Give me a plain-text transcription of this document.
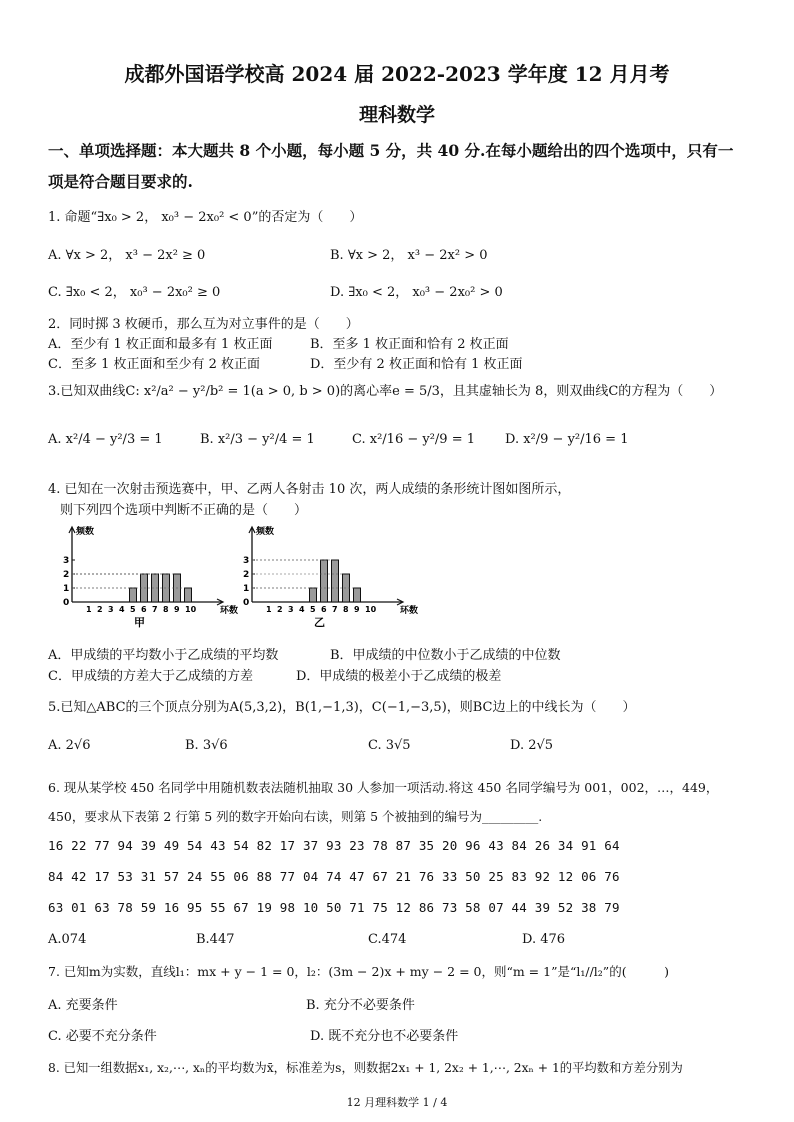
成都外国语学校高 2024 届 2022-2023 学年度 12 月月考
理科数学
一、单项选择题：本大题共 8 个小题，每小题 5 分，共 40 分.在每小题给出的四个选项中，只有一
项是符合题目要求的.
1. 命题“∃x₀ > 2， x₀³ − 2x₀² < 0”的否定为（　　）
A. ∀x > 2， x³ − 2x² ≥ 0	B. ∀x > 2， x³ − 2x² > 0
C. ∃x₀ < 2， x₀³ − 2x₀² ≥ 0	D. ∃x₀ < 2， x₀³ − 2x₀² > 0
2．同时掷 3 枚硬币，那么互为对立事件的是（　　）
A．至少有 1 枚正面和最多有 1 枚正面	B．至多 1 枚正面和恰有 2 枚正面
C．至多 1 枚正面和至少有 2 枚正面	D．至少有 2 枚正面和恰有 1 枚正面
3.已知双曲线C: x²/a² − y²/b² = 1(a > 0, b > 0)的离心率e = 5/3，且其虚轴长为 8，则双曲线C的方程为（　　）
A. x²/4 − y²/3 = 1	B. x²/3 − y²/4 = 1	C. x²/16 − y²/9 = 1 D. x²/9 − y²/16 = 1
4. 已知在一次射击预选赛中，甲、乙两人各射击 10 次，两人成绩的条形统计图如图所示，
则下列四个选项中判断不正确的是（　　）
频数
0
1
2
3
1 2 3 4 5 6 7 8 9 10	环数
甲
频数
0
1
2
3
1 2 3 4 5 6 7 8 9 10	环数
乙
A．甲成绩的平均数小于乙成绩的平均数	B．甲成绩的中位数小于乙成绩的中位数
C．甲成绩的方差大于乙成绩的方差	D．甲成绩的极差小于乙成绩的极差
5.已知△ABC的三个顶点分别为A(5,3,2)，B(1,−1,3)，C(−1,−3,5)，则BC边上的中线长为（　　）
A. 2√6	B. 3√6	C. 3√5	D. 2√5
6. 现从某学校 450 名同学中用随机数表法随机抽取 30 人参加一项活动.将这 450 名同学编号为 001，002，…，449，
450，要求从下表第 2 行第 5 列的数字开始向右读，则第 5 个被抽到的编号为_________.
16 22 77 94 39 49 54 43 54 82 17 37 93 23 78 87 35 20 96 43 84 26 34 91 64
84 42 17 53 31 57 24 55 06 88 77 04 74 47 67 21 76 33 50 25 83 92 12 06 76
63 01 63 78 59 16 95 55 67 19 98 10 50 71 75 12 86 73 58 07 44 39 52 38 79
A.074	B.447	C.474	D. 476
7. 已知m为实数，直线l₁：mx + y − 1 = 0，l₂：(3m − 2)x + my − 2 = 0，则“m = 1”是“l₁//l₂”的(　　　)
A. 充要条件	B. 充分不必要条件
C. 必要不充分条件	D. 既不充分也不必要条件
8. 已知一组数据x₁, x₂,⋯, xₙ的平均数为x̄，标准差为s，则数据2x₁ + 1, 2x₂ + 1,⋯, 2xₙ + 1的平均数和方差分别为
12 月理科数学 1 / 4
